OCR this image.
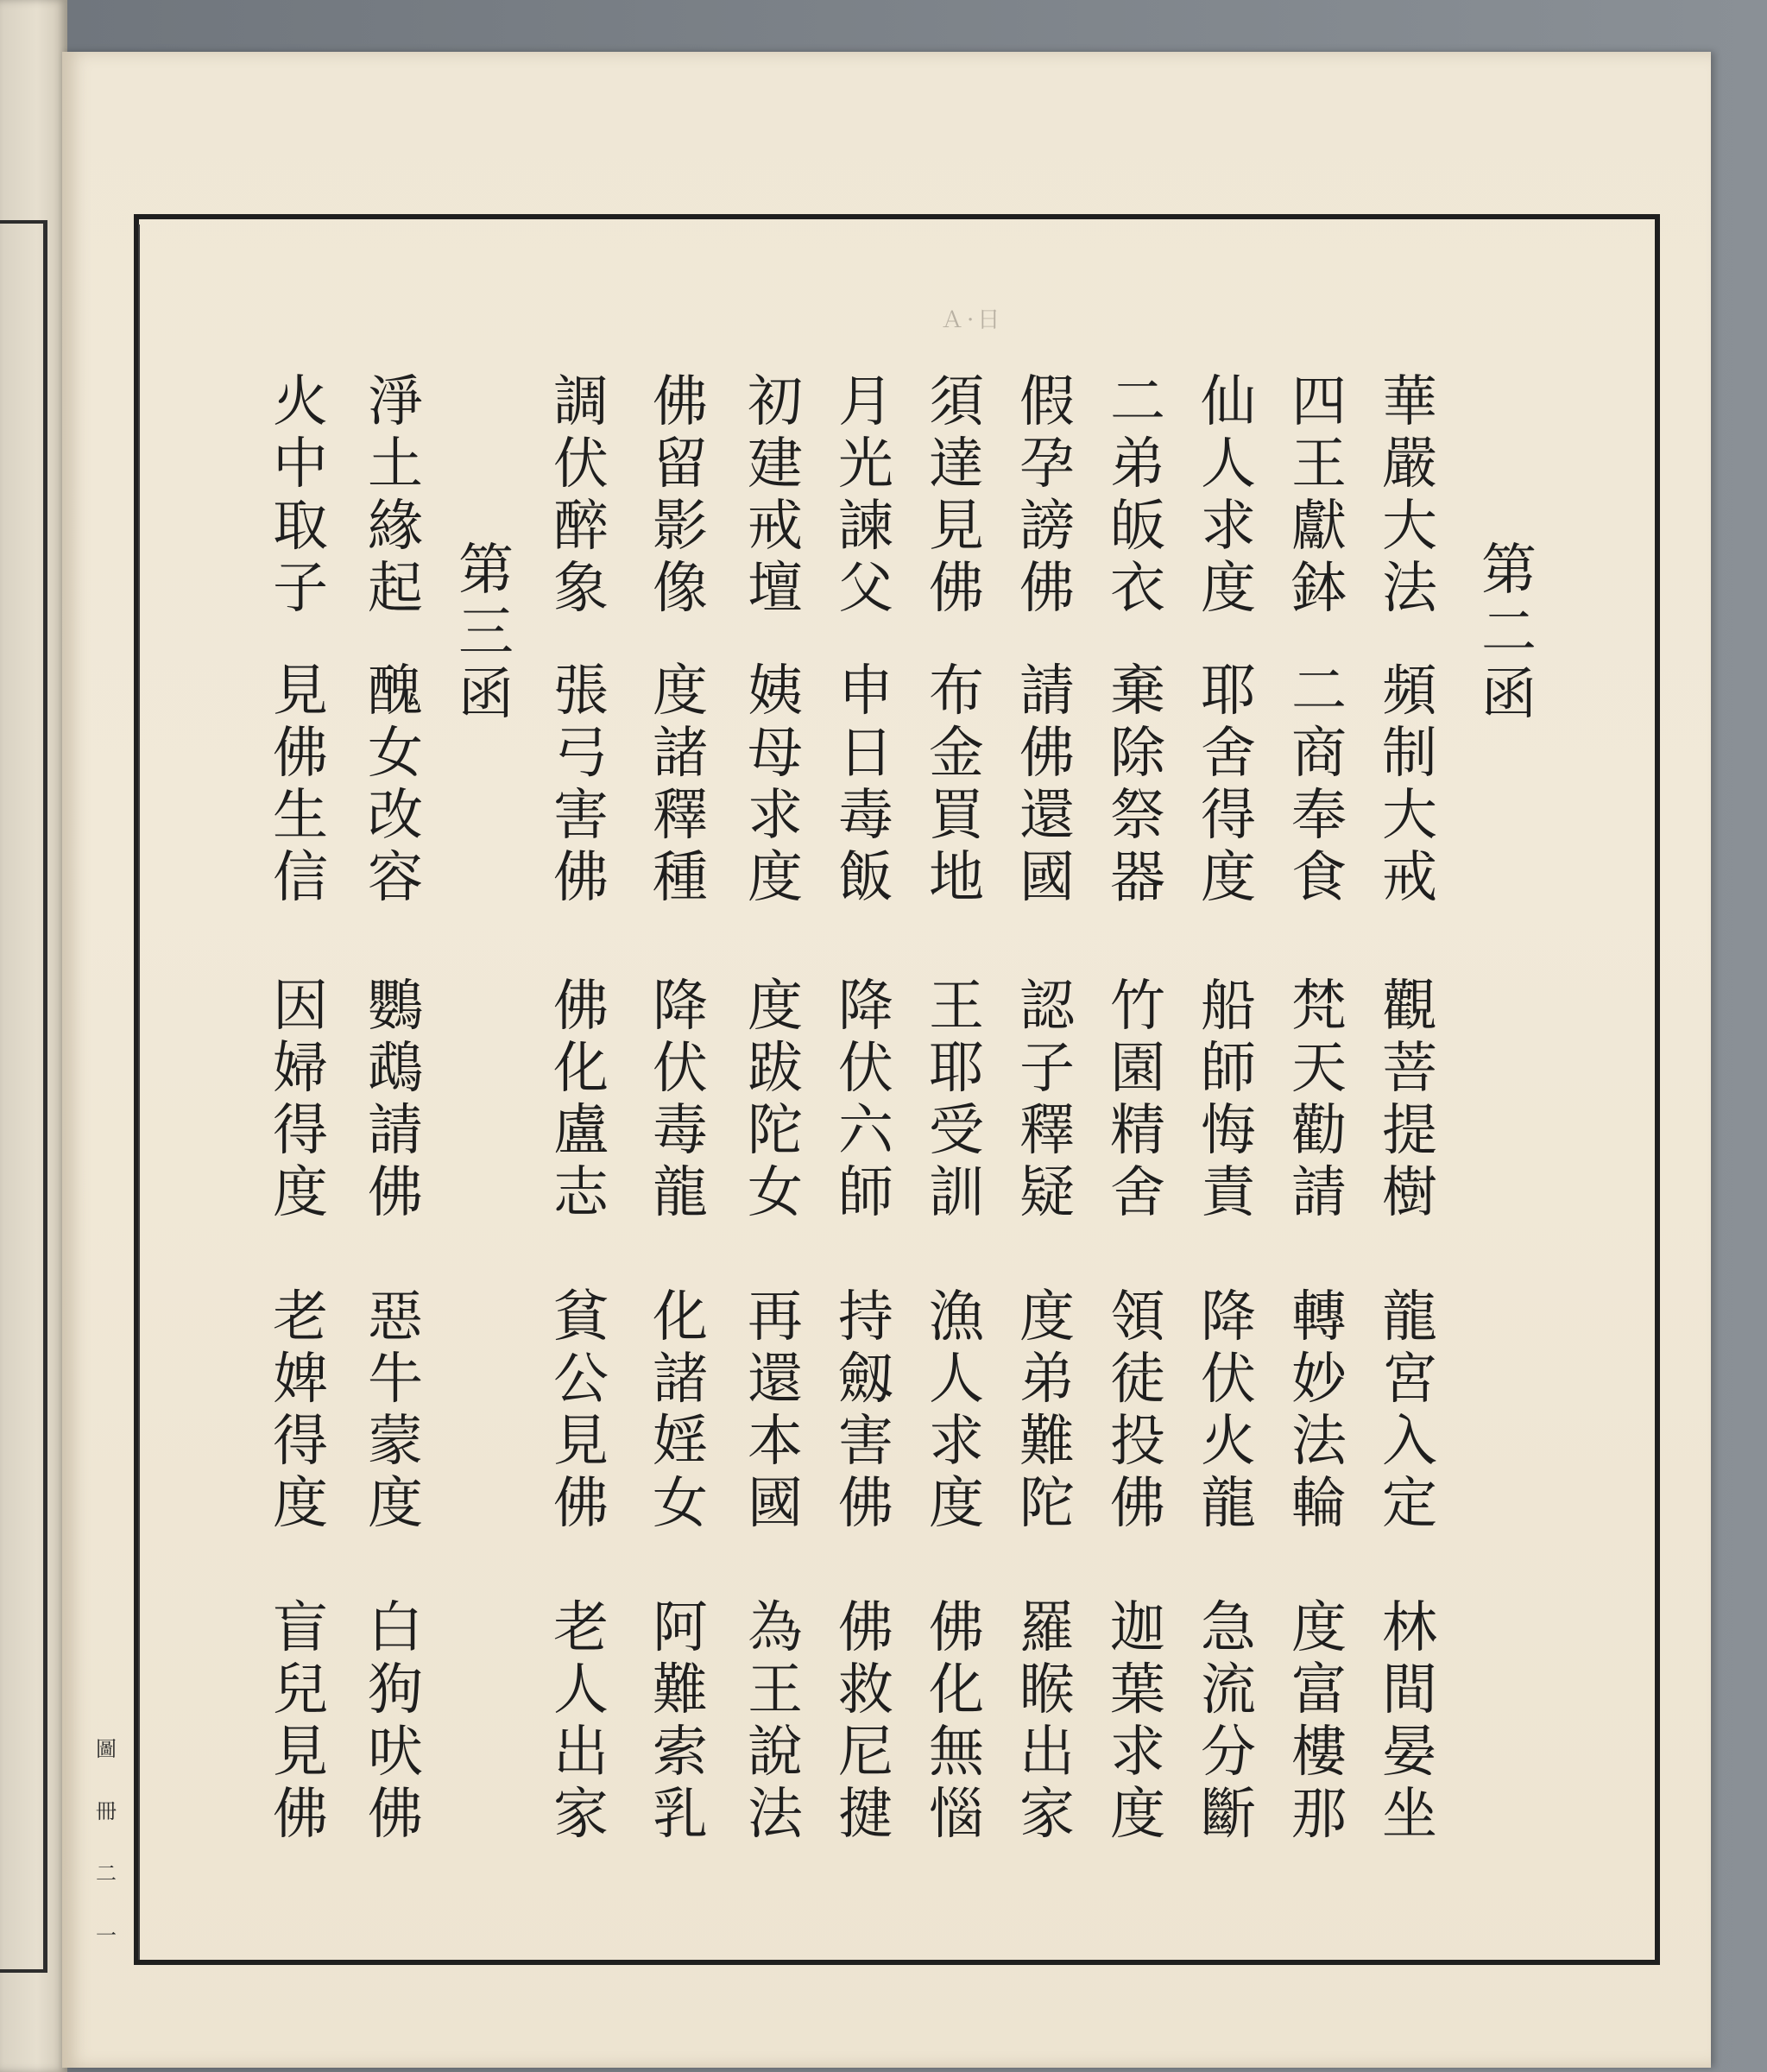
Ａ·日
第
二
函
第
三
函
華
嚴
大
法
頻
制
大
戒
觀
菩
提
樹
龍
宮
入
定
林
間
晏
坐
四
王
獻
鉢
二
商
奉
食
梵
天
勸
請
轉
妙
法
輪
度
富
樓
那
仙
人
求
度
耶
舍
得
度
船
師
悔
責
降
伏
火
龍
急
流
分
斷
二
弟
皈
衣
棄
除
祭
器
竹
園
精
舍
領
徒
投
佛
迦
葉
求
度
假
孕
謗
佛
請
佛
還
國
認
子
釋
疑
度
弟
難
陀
羅
睺
出
家
須
達
見
佛
布
金
買
地
王
耶
受
訓
漁
人
求
度
佛
化
無
惱
月
光
諫
父
申
日
毒
飯
降
伏
六
師
持
劔
害
佛
佛
救
尼
揵
初
建
戒
壇
姨
母
求
度
度
跋
陀
女
再
還
本
國
為
王
說
法
佛
留
影
像
度
諸
釋
種
降
伏
毒
龍
化
諸
婬
女
阿
難
索
乳
調
伏
醉
象
張
弓
害
佛
佛
化
盧
志
貧
公
見
佛
老
人
出
家
淨
土
緣
起
醜
女
改
容
鸚
鵡
請
佛
惡
牛
蒙
度
白
狗
吠
佛
火
中
取
子
見
佛
生
信
因
婦
得
度
老
婢
得
度
盲
兒
見
佛
圖
冊
二
一
